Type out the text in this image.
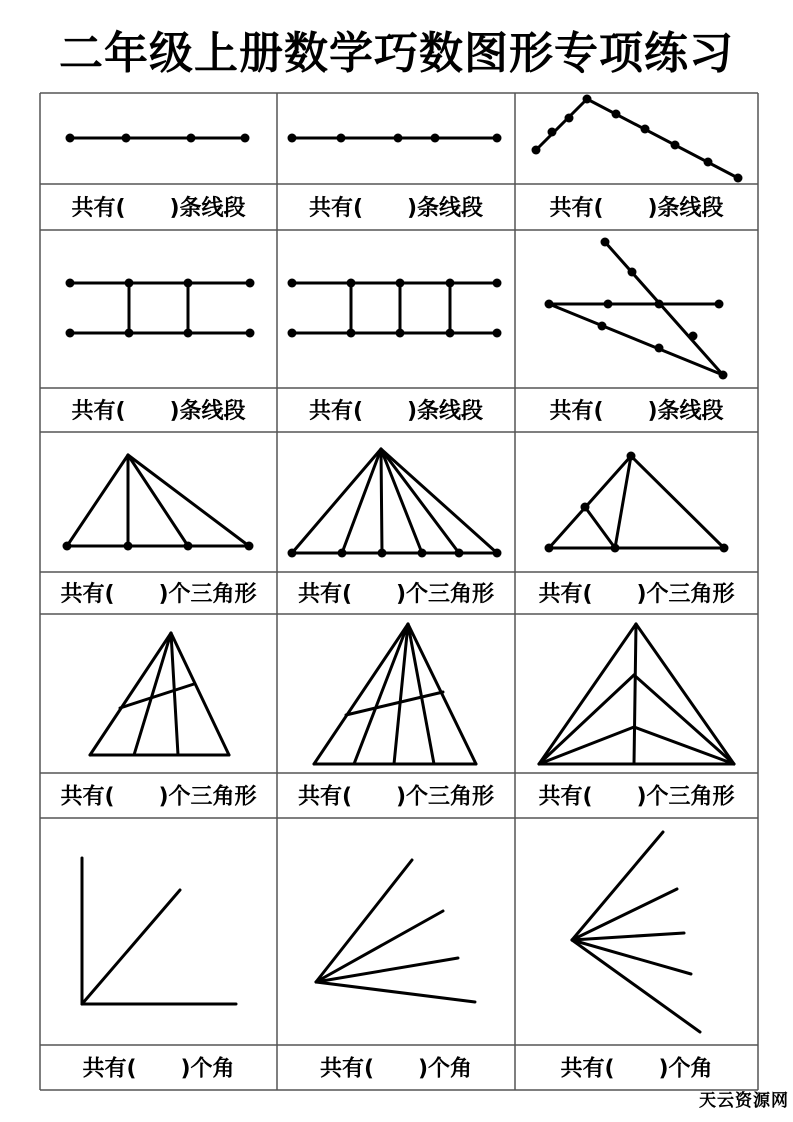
二年级上册数学巧数图形专项练习
共有(　　)条线段	共有(　　)条线段	共有(　　)条线段
共有(　　)条线段	共有(　　)条线段	共有(　　)条线段
共有(　　)个三角形 共有(　　)个三角形 共有(　　)个三角形
共有(　　)个三角形 共有(　　)个三角形 共有(　　)个三角形
共有(　　)个角	共有(　　)个角	共有(　　)个角
天云资源网
